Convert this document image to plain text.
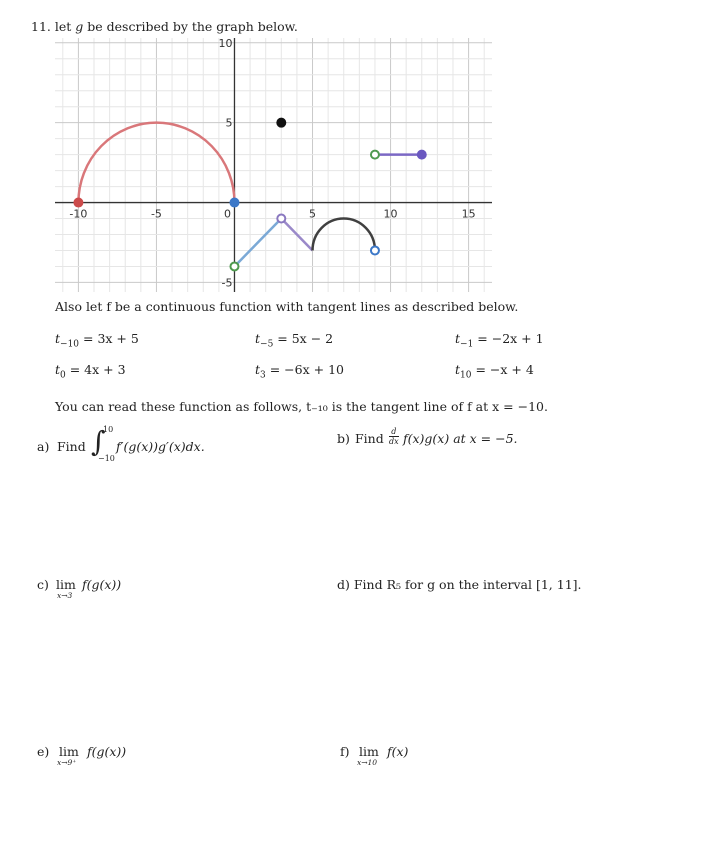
11. let g be described by the graph below.
-10	-5	0	5	10	15
10
5
-5
Also let f be a continuous function with tangent lines as described below.
$t_{-10} = 3x + 5$	$t_{-5} = 5x - 2$	$t_{-1} = -2x + 1$
$t_0 = 4x + 3$	$t_3 = -6x + 10$	$t_{10} = -x + 4$
You can read these function as follows, t₋₁₀ is the tangent line of f at x = −10.
a) Find ∫
10
−10
f′(g(x))g′(x)dx.
b) Find d
dx f(x)g(x) at x = −5.
c) lim
x→3
f(g(x))	d) Find R₅ for g on the interval [1, 11].
e) lim
x→9⁺
f(g(x))	f) lim
x→10
f(x)
